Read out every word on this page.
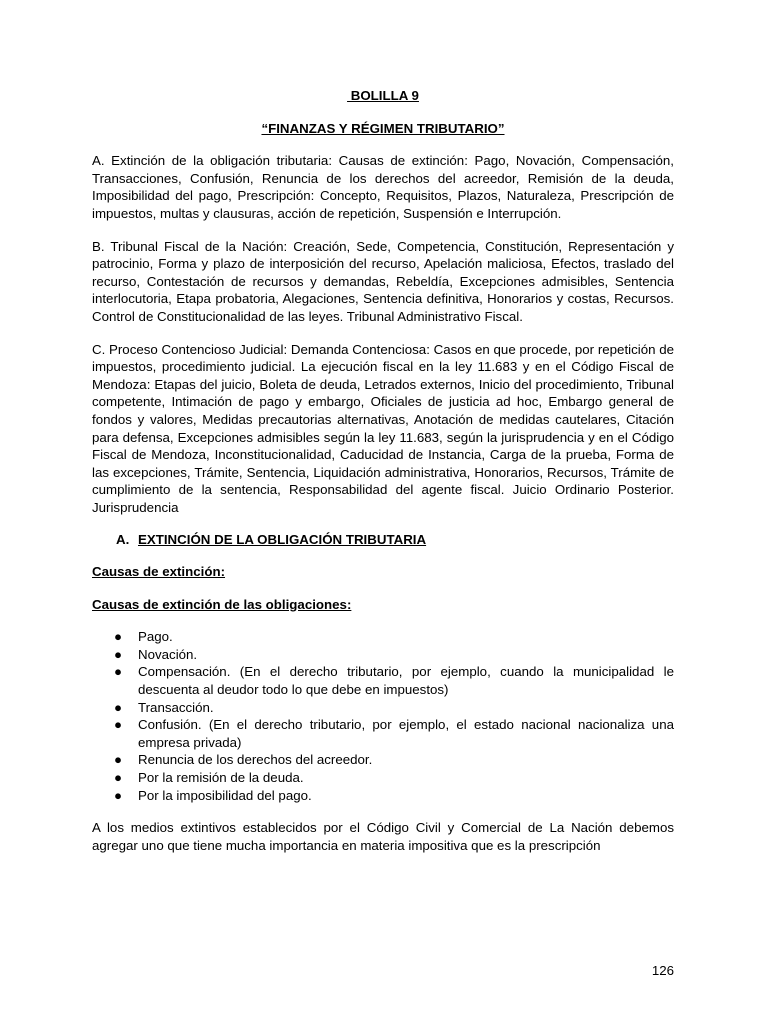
BOLILLA 9
“FINANZAS Y RÉGIMEN TRIBUTARIO”

A. Extinción de la obligación tributaria: Causas de extinción: Pago, Novación, Compensación, Transacciones, Confusión, Renuncia de los derechos del acreedor, Remisión de la deuda, Imposibilidad del pago, Prescripción: Concepto, Requisitos, Plazos, Naturaleza, Prescripción de impuestos, multas y clausuras, acción de repetición, Suspensión e Interrupción.

B. Tribunal Fiscal de la Nación: Creación, Sede, Competencia, Constitución, Representación y patrocinio, Forma y plazo de interposición del recurso, Apelación maliciosa, Efectos, traslado del recurso, Contestación de recursos y demandas, Rebeldía, Excepciones admisibles, Sentencia interlocutoria, Etapa probatoria, Alegaciones, Sentencia definitiva, Honorarios y costas, Recursos. Control de Constitucionalidad de las leyes. Tribunal Administrativo Fiscal.

C. Proceso Contencioso Judicial: Demanda Contenciosa: Casos en que procede, por repetición de impuestos, procedimiento judicial. La ejecución fiscal en la ley 11.683 y en el Código Fiscal de Mendoza: Etapas del juicio, Boleta de deuda, Letrados externos, Inicio del procedimiento, Tribunal competente, Intimación de pago y embargo, Oficiales de justicia ad hoc, Embargo general de fondos y valores, Medidas precautorias alternativas, Anotación de medidas cautelares, Citación para defensa, Excepciones admisibles según la ley 11.683, según la jurisprudencia y en el Código Fiscal de Mendoza, Inconstitucionalidad, Caducidad de Instancia, Carga de la prueba, Forma de las excepciones, Trámite, Sentencia, Liquidación administrativa, Honorarios, Recursos, Trámite de cumplimiento de la sentencia, Responsabilidad del agente fiscal. Juicio Ordinario Posterior. Jurisprudencia

A. EXTINCIÓN DE LA OBLIGACIÓN TRIBUTARIA
Causas de extinción:
Causas de extinción de las obligaciones:
●	Pago.
●	Novación.
●	Compensación. (En el derecho tributario, por ejemplo, cuando la municipalidad le descuenta al deudor todo lo que debe en impuestos)
●	Transacción.
●	Confusión. (En el derecho tributario, por ejemplo, el estado nacional nacionaliza una empresa privada)
●	Renuncia de los derechos del acreedor.
●	Por la remisión de la deuda.
●	Por la imposibilidad del pago.

A los medios extintivos establecidos por el Código Civil y Comercial de La Nación debemos agregar uno que tiene mucha importancia en materia impositiva que es la prescripción

126
